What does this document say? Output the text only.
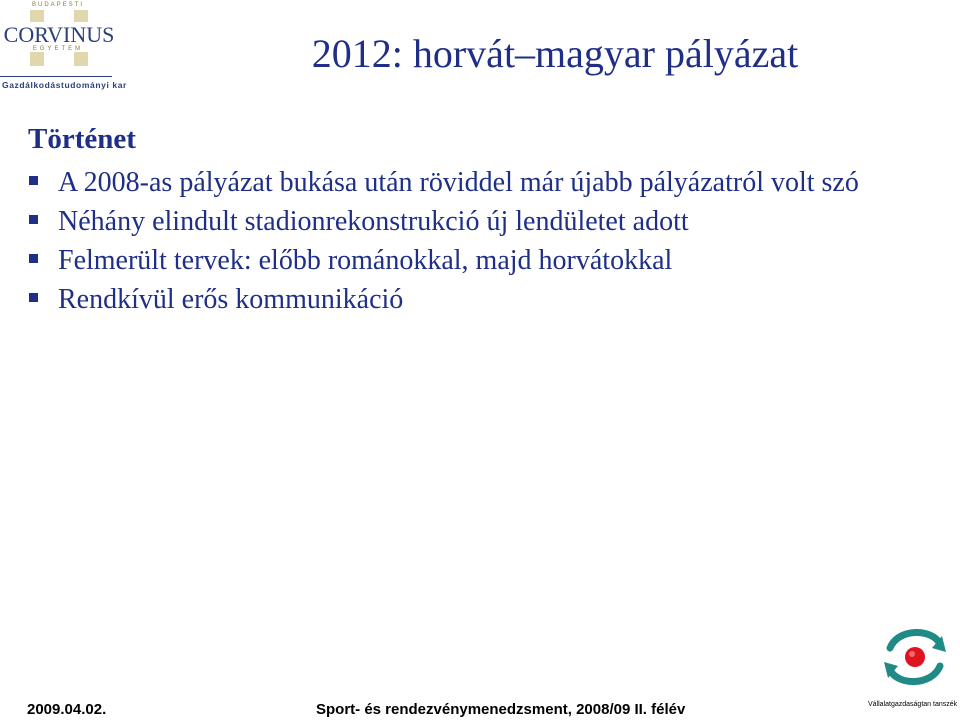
BUDAPESTI
CORVINUS
EGYETEM
Gazdálkodástudományi kar
2012: horvát–magyar pályázat
Történet
A 2008-as pályázat bukása után röviddel már újabb pályázatról volt szó
Néhány elindult stadionrekonstrukció új lendületet adott
Felmerült tervek: előbb románokkal, majd horvátokkal
Rendkívül erős kommunikáció
2009.04.02.	Sport- és rendezvénymenedzsment, 2008/09 II. félév	Vállalatgazdaságtan tanszék
